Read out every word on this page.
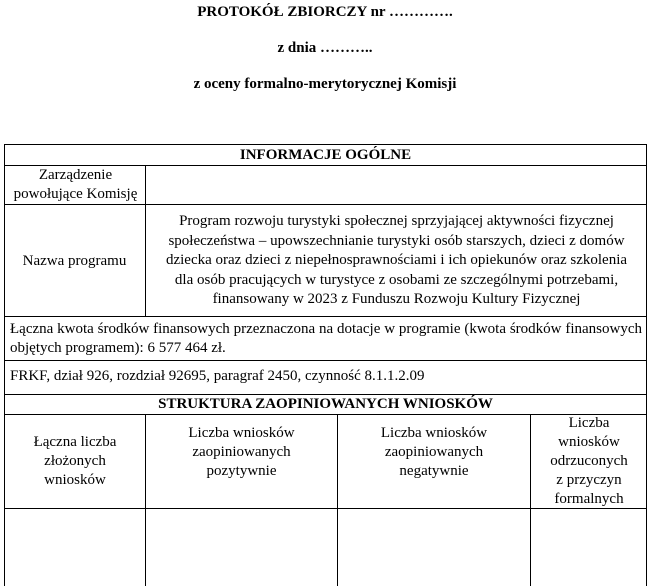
PROTOKÓŁ ZBIORCZY nr ………….
z dnia ………..
z oceny formalno-merytorycznej Komisji
INFORMACJE OGÓLNE
Zarządzenie
powołujące Komisję
Nazwa programu
Program rozwoju turystyki społecznej sprzyjającej aktywności fizycznej
społeczeństwa – upowszechnianie turystyki osób starszych, dzieci z domów
dziecka oraz dzieci z niepełnosprawnościami i ich opiekunów oraz szkolenia
dla osób pracujących w turystyce z osobami ze szczególnymi potrzebami,
finansowany w 2023 z Funduszu Rozwoju Kultury Fizycznej
Łączna kwota środków finansowych przeznaczona na dotacje w programie (kwota środków finansowych objętych programem): 6 577 464 zł.
FRKF, dział 926, rozdział 92695, paragraf 2450, czynność 8.1.1.2.09
STRUKTURA ZAOPINIOWANYCH WNIOSKÓW
Łączna liczba
złożonych
wniosków
Liczba wniosków
zaopiniowanych
pozytywnie
Liczba wniosków
zaopiniowanych
negatywnie
Liczba
wniosków
odrzuconych
z przyczyn
formalnych
